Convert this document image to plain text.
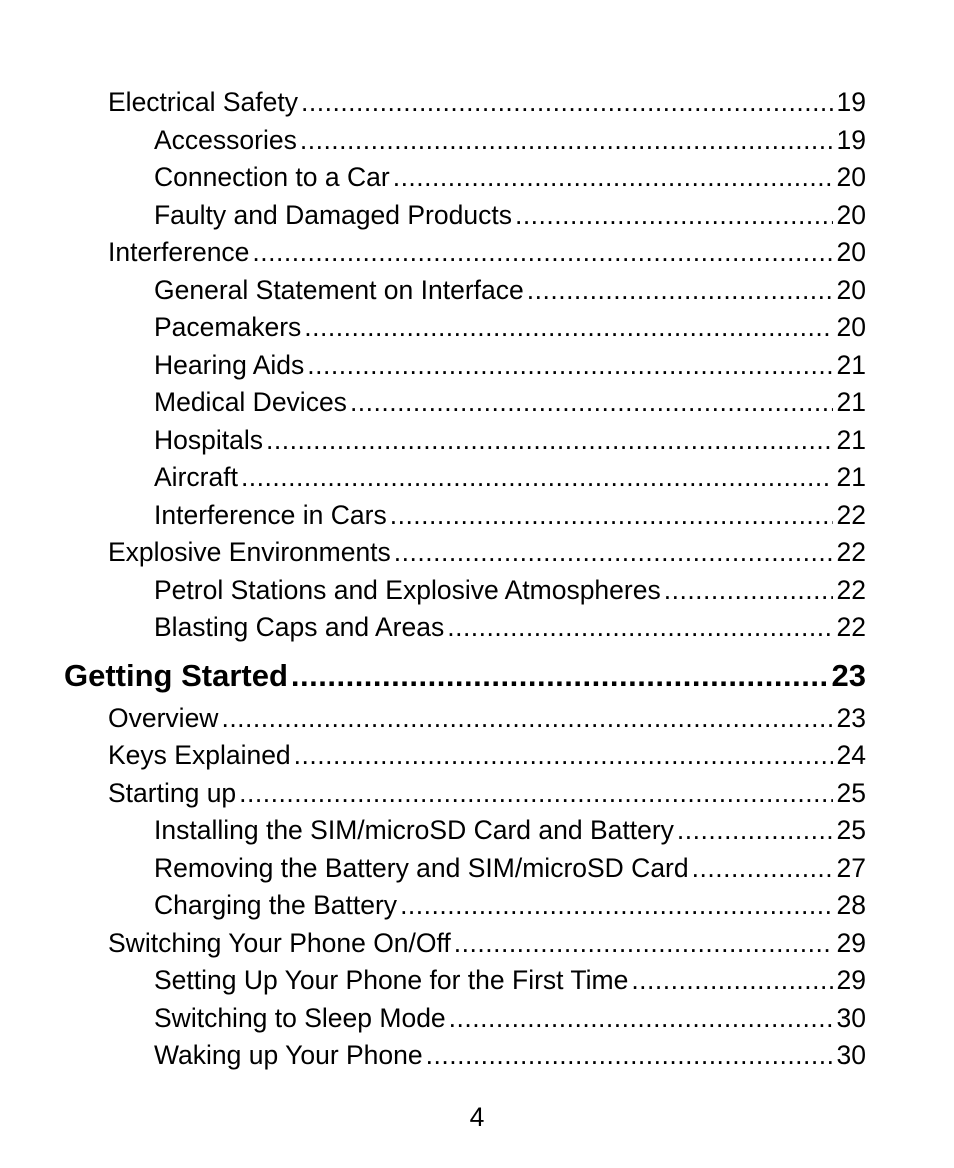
Electrical Safety .....	19
Accessories .....	19
Connection to a Car .....	20
Faulty and Damaged Products .....	20
Interference .....	20
General Statement on Interface .....	20
Pacemakers .....	20
Hearing Aids .....	21
Medical Devices .....	21
Hospitals .....	21
Aircraft .....	21
Interference in Cars .....	22
Explosive Environments .....	22
Petrol Stations and Explosive Atmospheres .....	22
Blasting Caps and Areas .....	22
Getting Started .....	23
Overview .....	23
Keys Explained .....	24
Starting up .....	25
Installing the SIM/microSD Card and Battery .....	25
Removing the Battery and SIM/microSD Card .....	27
Charging the Battery .....	28
Switching Your Phone On/Off .....	29
Setting Up Your Phone for the First Time .....	29
Switching to Sleep Mode .....	30
Waking up Your Phone .....	30
4
